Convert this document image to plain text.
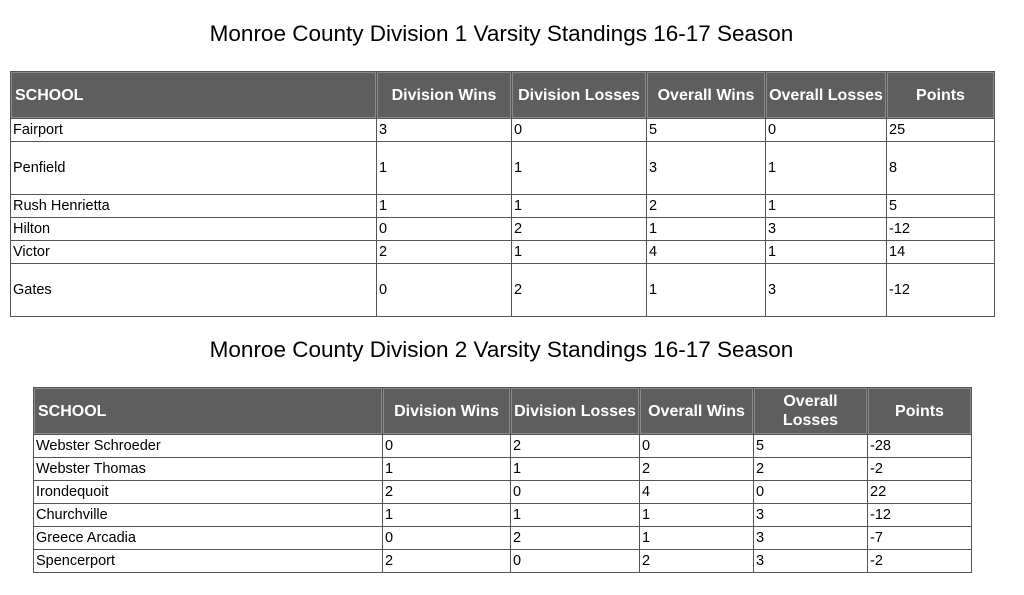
Monroe County Division 1 Varsity Standings 16-17 Season
SCHOOL	Division Wins	Division Losses	Overall Wins	Overall Losses	Points
Fairport	3	0	5	0	25
Penfield	1	1	3	1	8
Rush Henrietta	1	1	2	1	5
Hilton	0	2	1	3	-12
Victor	2	1	4	1	14
Gates	0	2	1	3	-12
Monroe County Division 2 Varsity Standings 16-17 Season
SCHOOL	Division Wins	Division Losses	Overall Wins	Overall Losses	Points
Webster Schroeder	0	2	0	5	-28
Webster Thomas	1	1	2	2	-2
Irondequoit	2	0	4	0	22
Churchville	1	1	1	3	-12
Greece Arcadia	0	2	1	3	-7
Spencerport	2	0	2	3	-2
